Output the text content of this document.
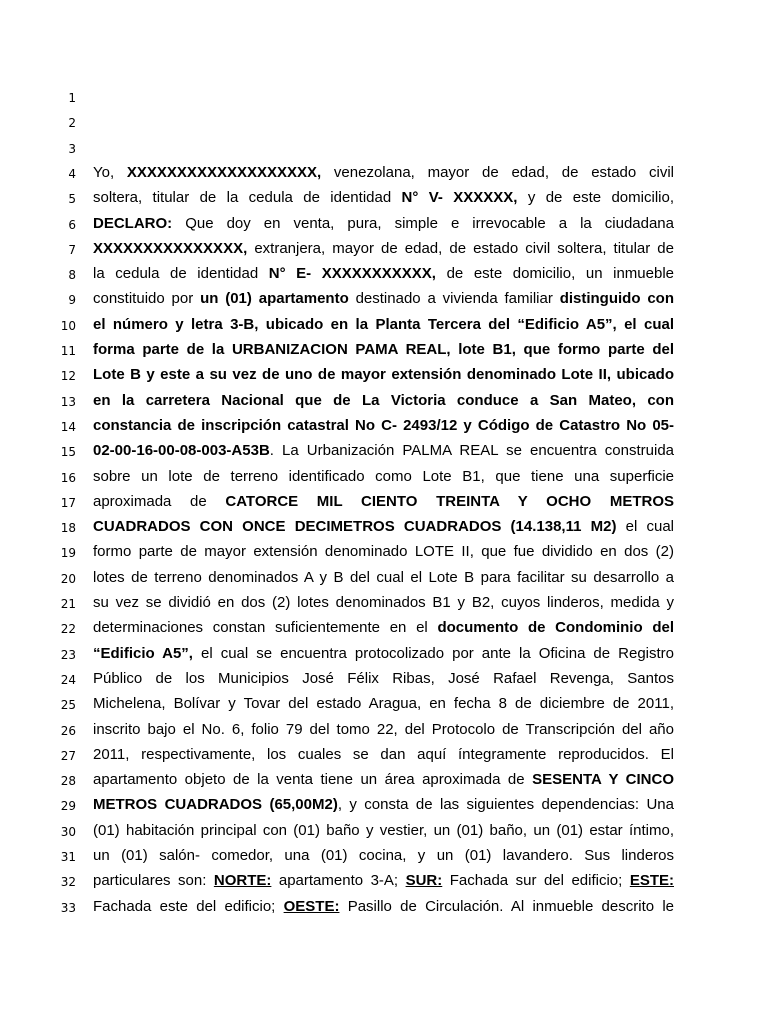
1
2
3
4 Yo, XXXXXXXXXXXXXXXXXXX, venezolana, mayor de edad, de estado civil
5 soltera, titular de la cedula de identidad N° V- XXXXXX, y de este domicilio,
6 DECLARO: Que doy en venta, pura, simple e irrevocable a la ciudadana
7 XXXXXXXXXXXXXXX, extranjera, mayor de edad, de estado civil soltera, titular de
8 la cedula de identidad N° E- XXXXXXXXXXX, de este domicilio, un inmueble
9 constituido por un (01) apartamento destinado a vivienda familiar distinguido con
10 el número y letra 3-B, ubicado en la Planta Tercera del “Edificio A5”, el cual
11 forma parte de la URBANIZACION PAMA REAL, lote B1, que formo parte del
12 Lote B y este a su vez de uno de mayor extensión denominado Lote II, ubicado
13 en la carretera Nacional que de La Victoria conduce a San Mateo, con
14 constancia de inscripción catastral No C- 2493/12 y Código de Catastro No 05-
15 02-00-16-00-08-003-A53B. La Urbanización PALMA REAL se encuentra construida
16 sobre un lote de terreno identificado como Lote B1, que tiene una superficie
17 aproximada de CATORCE MIL CIENTO TREINTA Y OCHO METROS
18 CUADRADOS CON ONCE DECIMETROS CUADRADOS (14.138,11 M2) el cual
19 formo parte de mayor extensión denominado LOTE II, que fue dividido en dos (2)
20 lotes de terreno denominados A y B del cual el Lote B para facilitar su desarrollo a
21 su vez se dividió en dos (2) lotes denominados B1 y B2, cuyos linderos, medida y
22 determinaciones constan suficientemente en el documento de Condominio del
23 “Edificio A5”, el cual se encuentra protocolizado por ante la Oficina de Registro
24 Público de los Municipios José Félix Ribas, José Rafael Revenga, Santos
25 Michelena, Bolívar y Tovar del estado Aragua, en fecha 8 de diciembre de 2011,
26 inscrito bajo el No. 6, folio 79 del tomo 22, del Protocolo de Transcripción del año
27 2011, respectivamente, los cuales se dan aquí íntegramente reproducidos. El
28 apartamento objeto de la venta tiene un área aproximada de SESENTA Y CINCO
29 METROS CUADRADOS (65,00M2), y consta de las siguientes dependencias: Una
30 (01) habitación principal con (01) baño y vestier, un (01) baño, un (01) estar íntimo,
31 un (01) salón- comedor, una (01) cocina, y un (01) lavandero. Sus linderos
32 particulares son: NORTE: apartamento 3-A; SUR: Fachada sur del edificio; ESTE:
33 Fachada este del edificio; OESTE: Pasillo de Circulación. Al inmueble descrito le
